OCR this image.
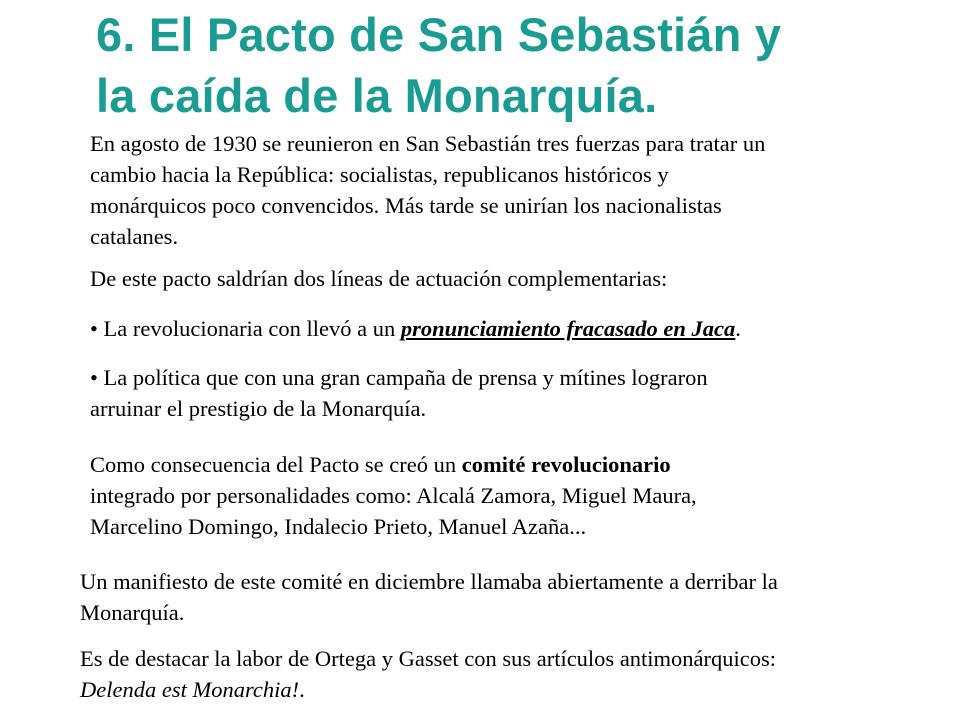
6. El Pacto de San Sebastián y
la caída de la Monarquía.

En agosto de 1930 se reunieron en San Sebastián tres fuerzas para tratar un
cambio hacia la República: socialistas, republicanos históricos y
monárquicos poco convencidos. Más tarde se unirían los nacionalistas
catalanes.

De este pacto saldrían dos líneas de actuación complementarias:

• La revolucionaria con llevó a un pronunciamiento fracasado en Jaca.

• La política que con una gran campaña de prensa y mítines lograron
arruinar el prestigio de la Monarquía.

Como consecuencia del Pacto se creó un comité revolucionario
integrado por personalidades como: Alcalá Zamora, Miguel Maura,
Marcelino Domingo, Indalecio Prieto, Manuel Azaña...

Un manifiesto de este comité en diciembre llamaba abiertamente a derribar la
Monarquía.

Es de destacar la labor de Ortega y Gasset con sus artículos antimonárquicos:
Delenda est Monarchia!.
